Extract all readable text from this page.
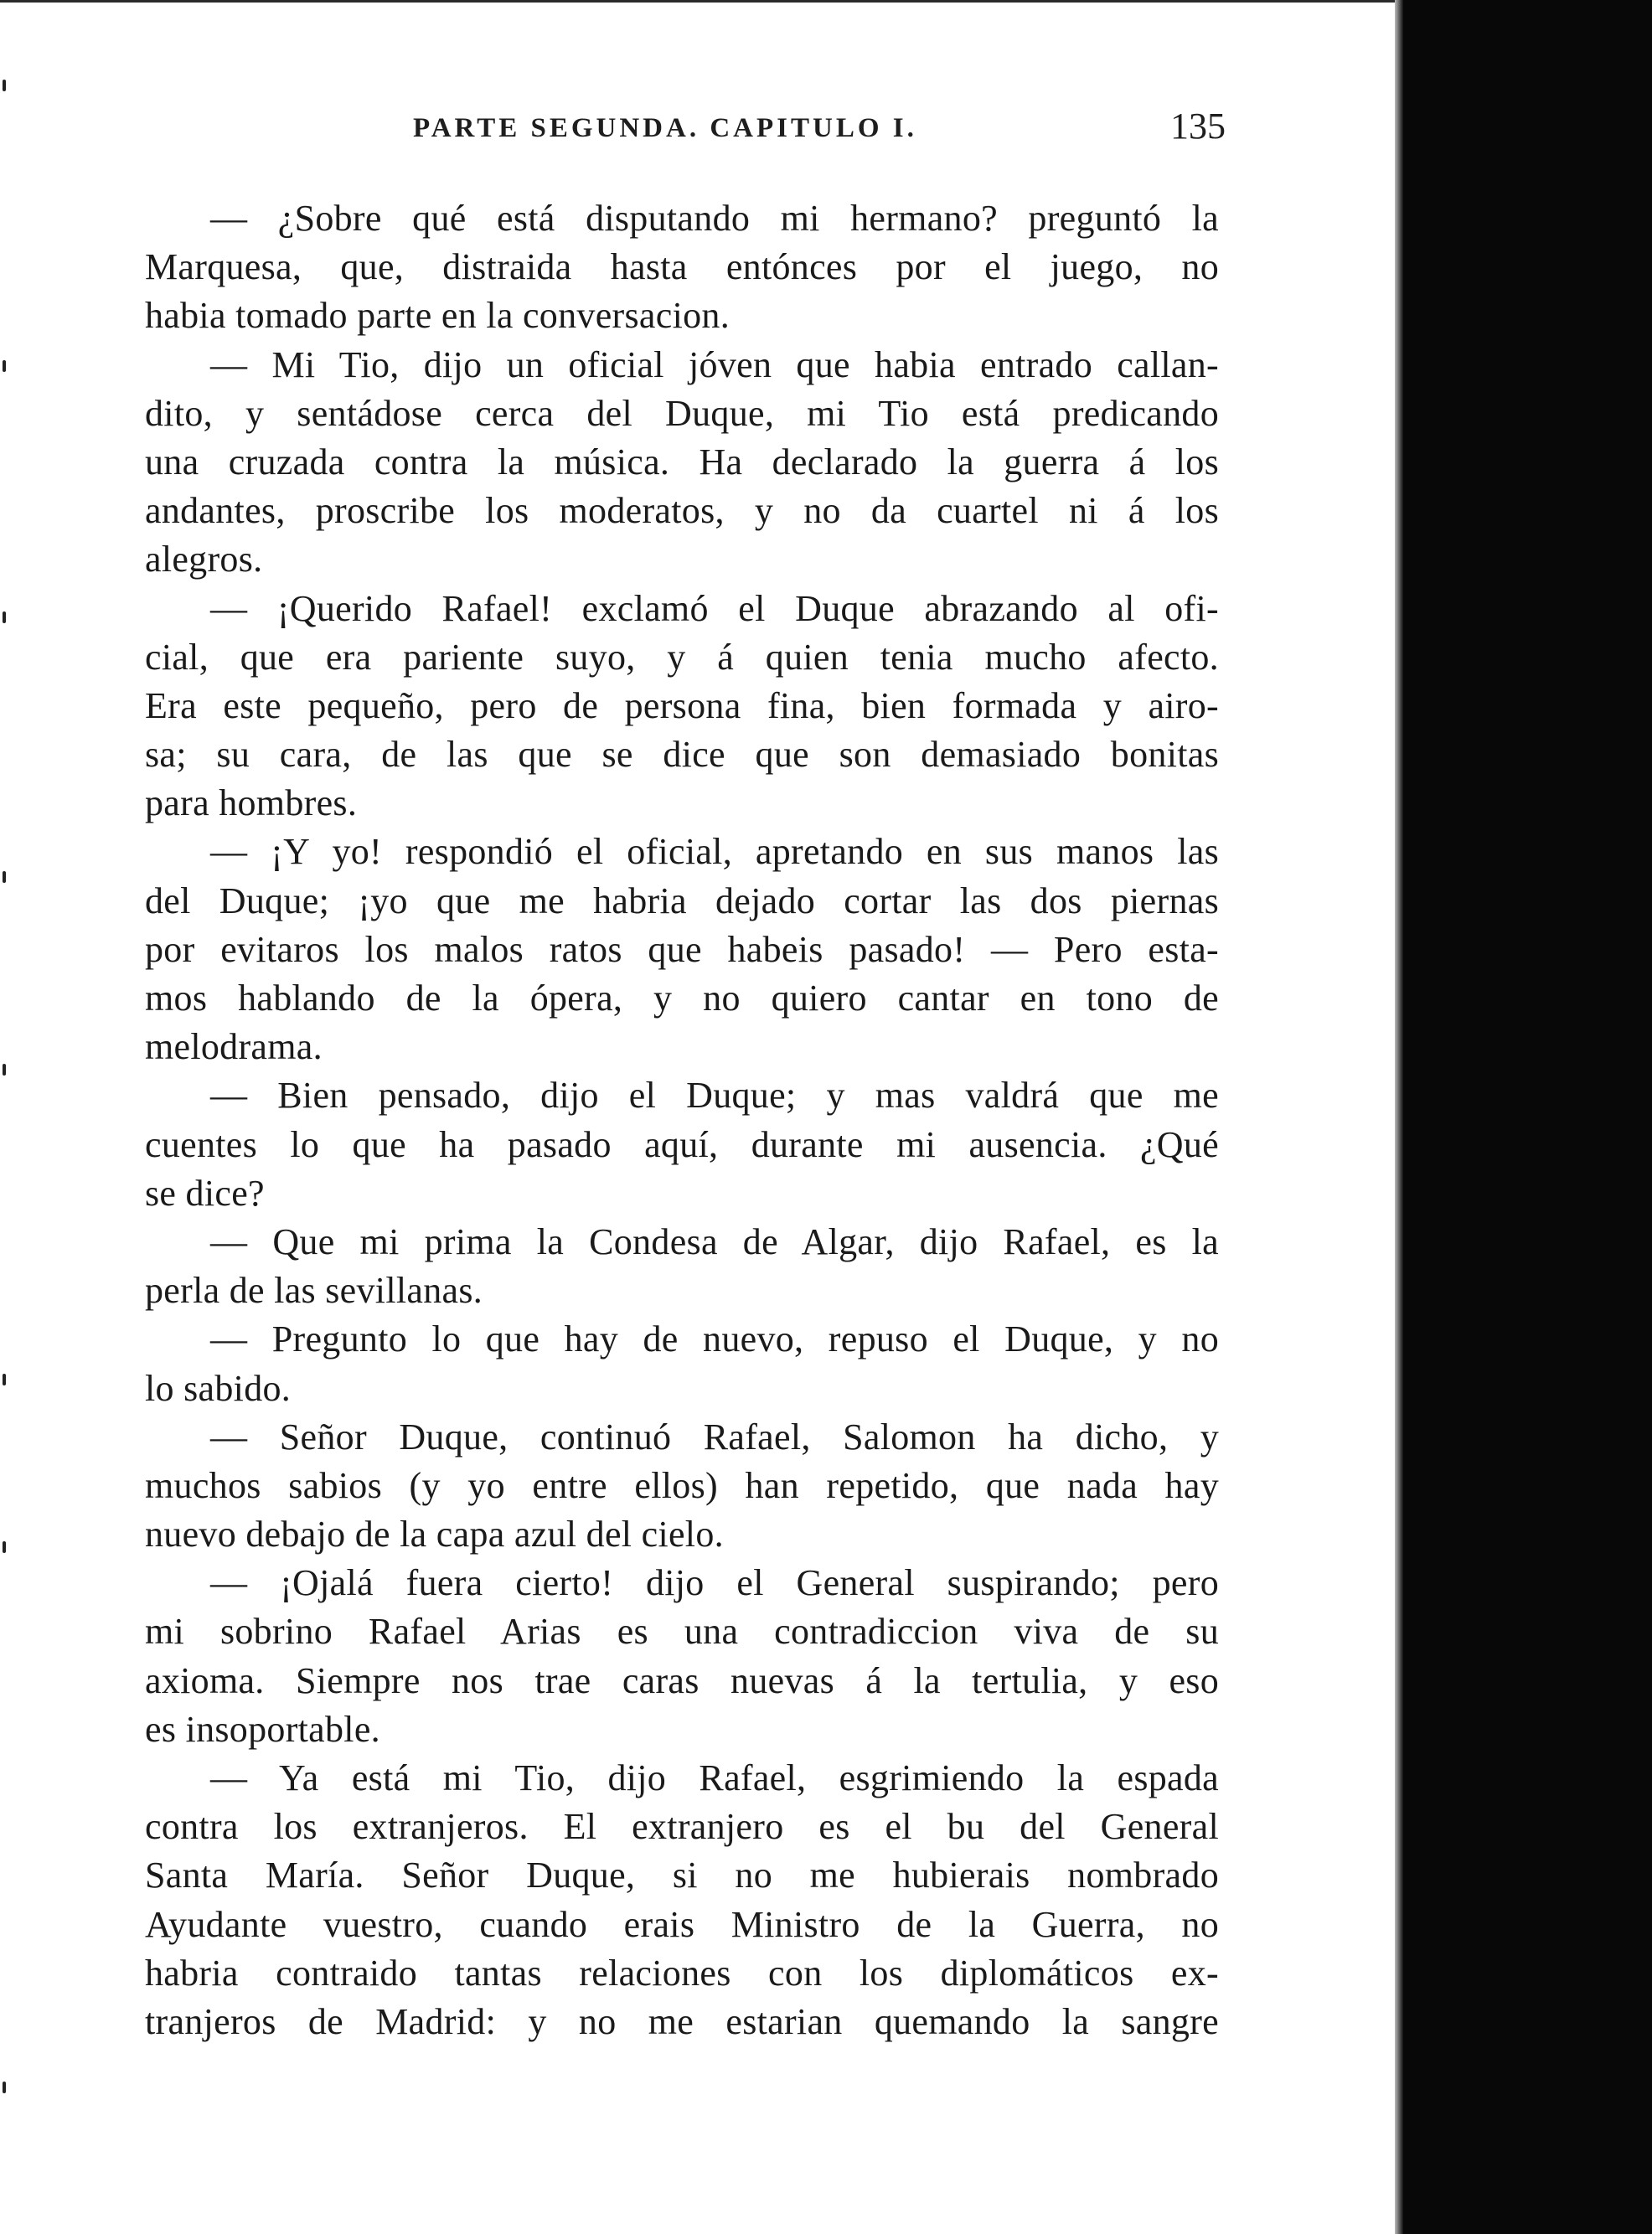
PARTE SEGUNDA. CAPITULO I.	135
— ¿Sobre qué está disputando mi hermano? preguntó la
Marquesa, que, distraida hasta entónces por el juego, no
habia tomado parte en la conversacion.
— Mi Tio, dijo un oficial jóven que habia entrado callan-
dito, y sentádose cerca del Duque, mi Tio está predicando
una cruzada contra la música. Ha declarado la guerra á los
andantes, proscribe los moderatos, y no da cuartel ni á los
alegros.
— ¡Querido Rafael! exclamó el Duque abrazando al ofi-
cial, que era pariente suyo, y á quien tenia mucho afecto.
Era este pequeño, pero de persona fina, bien formada y airo-
sa; su cara, de las que se dice que son demasiado bonitas
para hombres.
— ¡Y yo! respondió el oficial, apretando en sus manos las
del Duque; ¡yo que me habria dejado cortar las dos piernas
por evitaros los malos ratos que habeis pasado! — Pero esta-
mos hablando de la ópera, y no quiero cantar en tono de
melodrama.
— Bien pensado, dijo el Duque; y mas valdrá que me
cuentes lo que ha pasado aquí, durante mi ausencia. ¿Qué
se dice?
— Que mi prima la Condesa de Algar, dijo Rafael, es la
perla de las sevillanas.
— Pregunto lo que hay de nuevo, repuso el Duque, y no
lo sabido.
— Señor Duque, continuó Rafael, Salomon ha dicho, y
muchos sabios (y yo entre ellos) han repetido, que nada hay
nuevo debajo de la capa azul del cielo.
— ¡Ojalá fuera cierto! dijo el General suspirando; pero
mi sobrino Rafael Arias es una contradiccion viva de su
axioma. Siempre nos trae caras nuevas á la tertulia, y eso
es insoportable.
— Ya está mi Tio, dijo Rafael, esgrimiendo la espada
contra los extranjeros. El extranjero es el bu del General
Santa María. Señor Duque, si no me hubierais nombrado
Ayudante vuestro, cuando erais Ministro de la Guerra, no
habria contraido tantas relaciones con los diplomáticos ex-
tranjeros de Madrid: y no me estarian quemando la sangre
